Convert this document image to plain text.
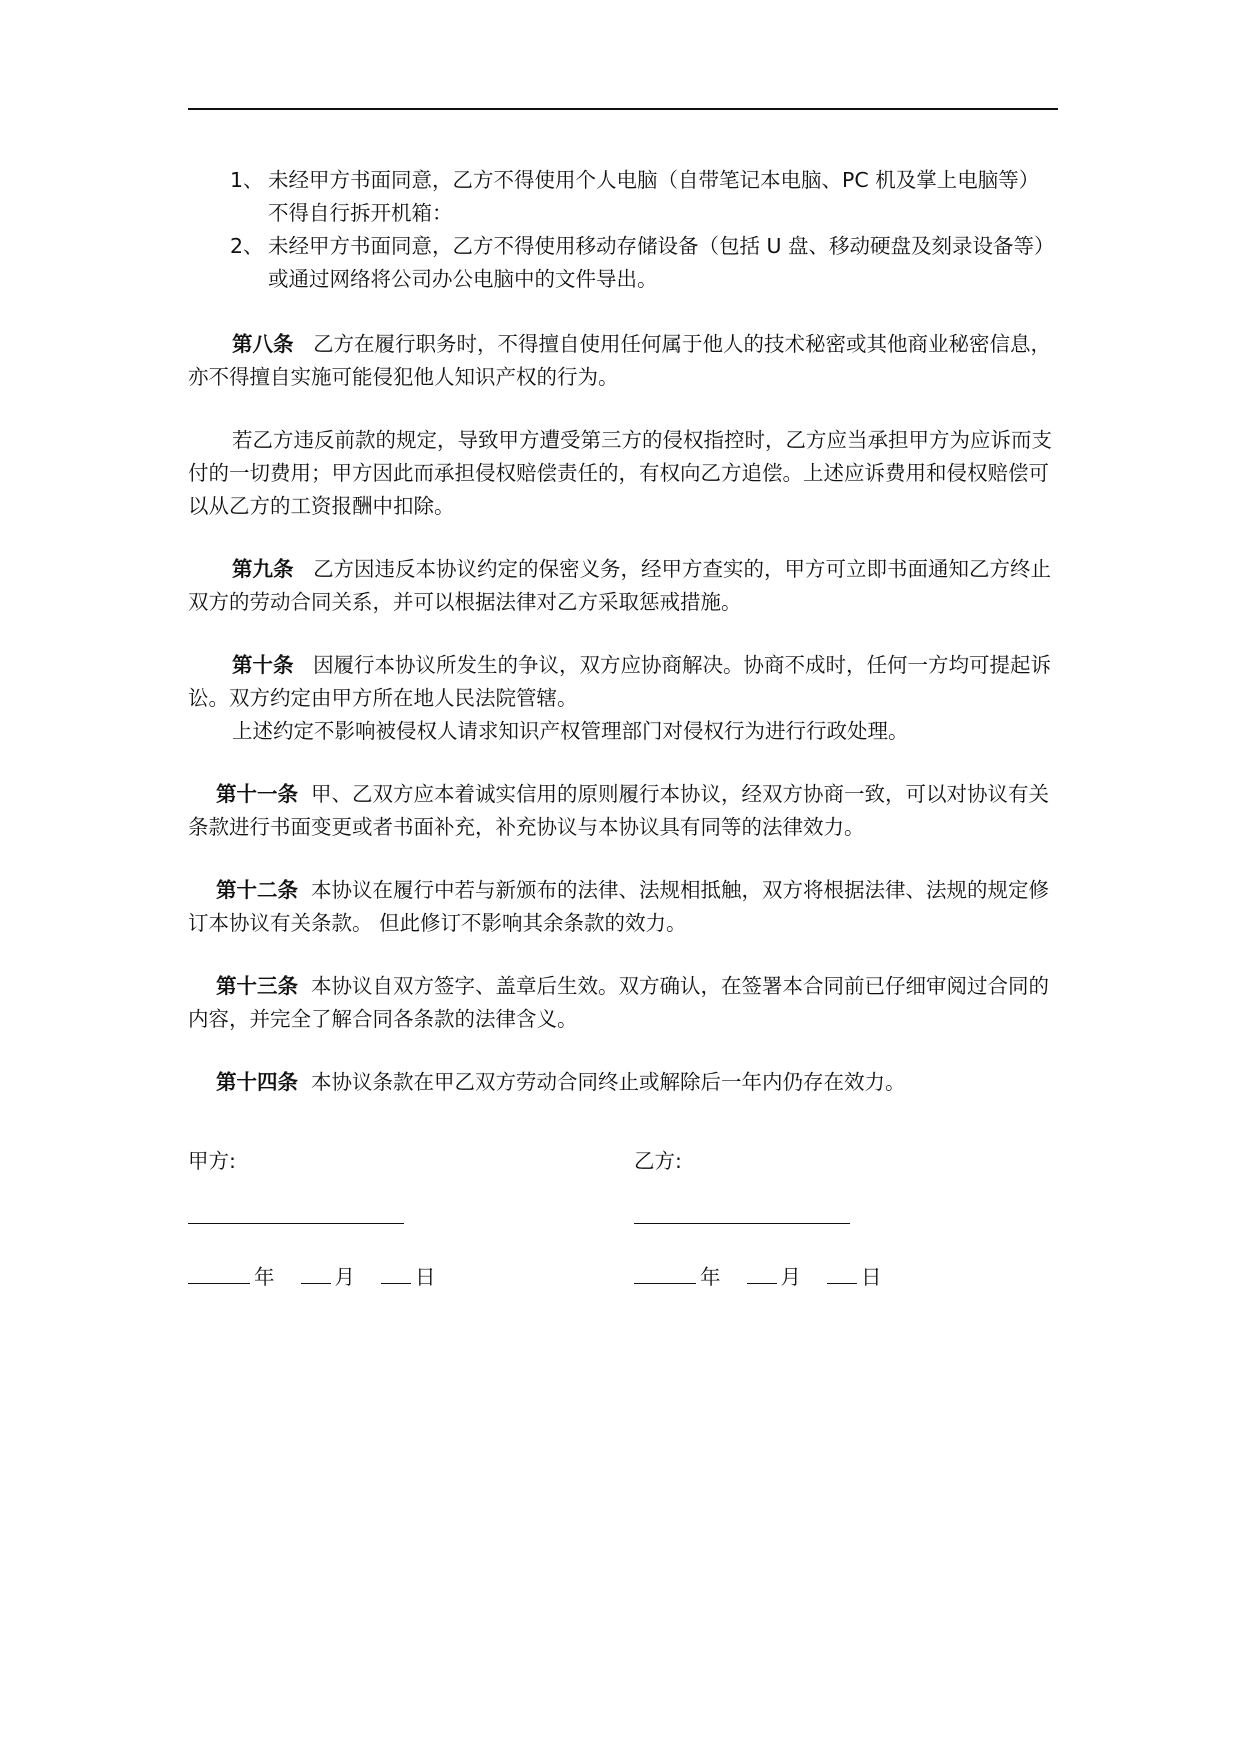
1、 未经甲方书面同意，乙方不得使用个人电脑（自带笔记本电脑、PC 机及掌上电脑等）不得自行拆开机箱：
2、 未经甲方书面同意，乙方不得使用移动存储设备（包括 U 盘、移动硬盘及刻录设备等）或通过网络将公司办公电脑中的文件导出。

第八条 乙方在履行职务时，不得擅自使用任何属于他人的技术秘密或其他商业秘密信息，亦不得擅自实施可能侵犯他人知识产权的行为。

若乙方违反前款的规定，导致甲方遭受第三方的侵权指控时，乙方应当承担甲方为应诉而支付的一切费用；甲方因此而承担侵权赔偿责任的，有权向乙方追偿。上述应诉费用和侵权赔偿可以从乙方的工资报酬中扣除。

第九条 乙方因违反本协议约定的保密义务，经甲方查实的，甲方可立即书面通知乙方终止双方的劳动合同关系，并可以根据法律对乙方采取惩戒措施。

第十条 因履行本协议所发生的争议，双方应协商解决。协商不成时，任何一方均可提起诉讼。双方约定由甲方所在地人民法院管辖。

上述约定不影响被侵权人请求知识产权管理部门对侵权行为进行行政处理。

第十一条 甲、乙双方应本着诚实信用的原则履行本协议，经双方协商一致，可以对协议有关条款进行书面变更或者书面补充，补充协议与本协议具有同等的法律效力。

第十二条 本协议在履行中若与新颁布的法律、法规相抵触，双方将根据法律、法规的规定修订本协议有关条款。 但此修订不影响其余条款的效力。

第十三条 本协议自双方签字、盖章后生效。双方确认，在签署本合同前已仔细审阅过合同的内容，并完全了解合同各条款的法律含义。

第十四条 本协议条款在甲乙双方劳动合同终止或解除后一年内仍存在效力。

甲方:	乙方:
年	月	日	年	月	日
